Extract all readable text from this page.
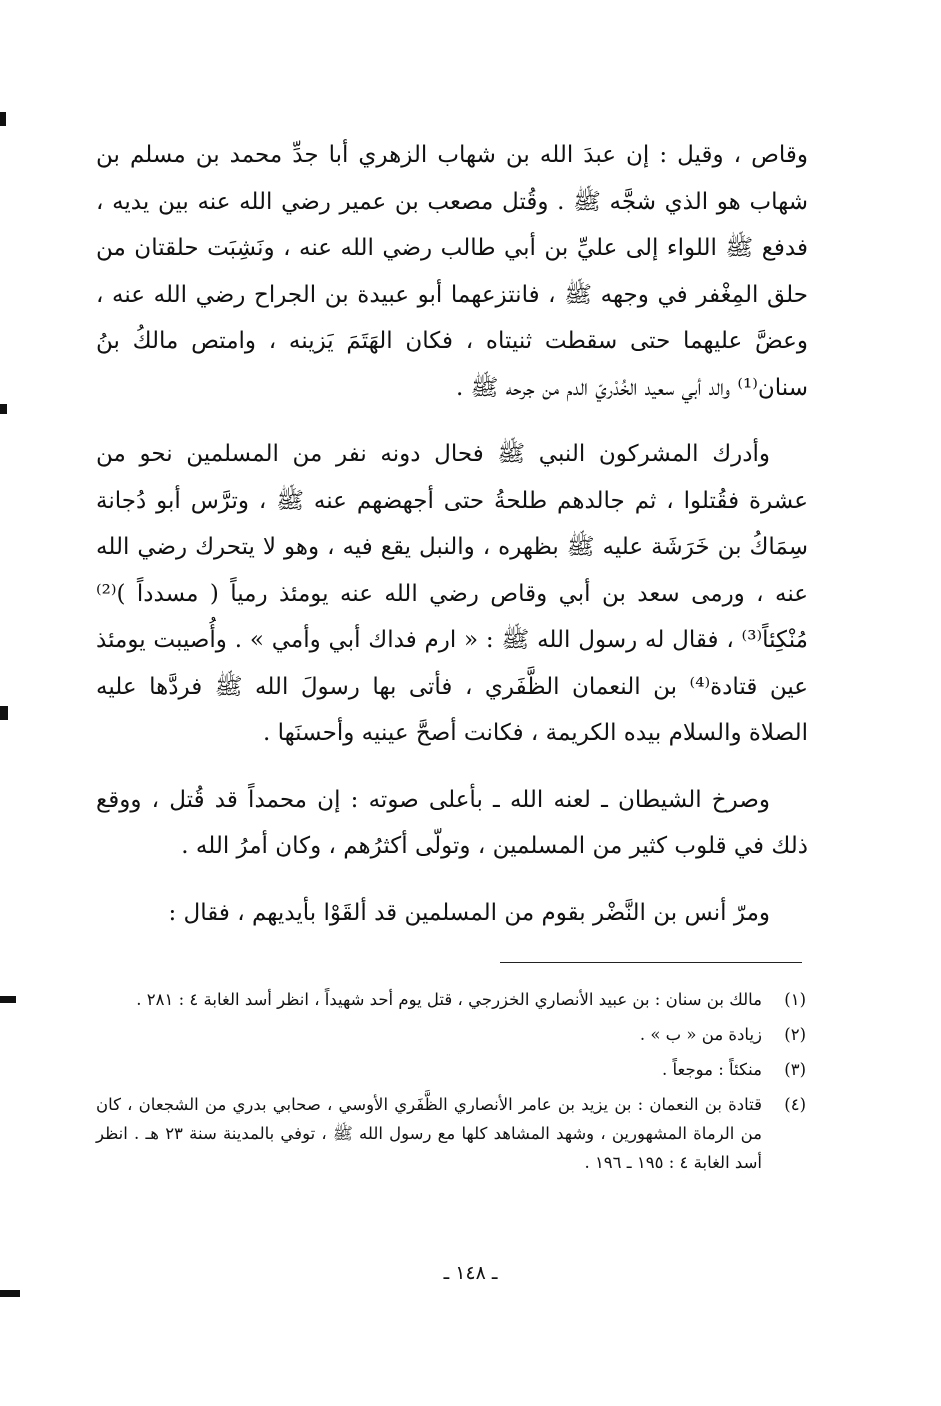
وقاص ، وقيل : إن عبدَ الله بن شهاب الزهري أبا جدِّ محمد بن مسلم بن شهاب هو الذي شجَّه ﷺ . وقُتل مصعب بن عمير رضي الله عنه بين يديه ، فدفع ﷺ اللواء إلى عليِّ بن أبي طالب رضي الله عنه ، ونَشِبَت حلقتان من حلق المِغْفر في وجهه ﷺ ، فانتزعهما أبو عبيدة بن الجراح رضي الله عنه ، وعضَّ عليهما حتى سقطت ثنيتاه ، فكان الهَتَمَ يَزينه ، وامتص مالكُ بنُ سنان⁽¹⁾ والد أبي سعيد الخُدْريّ الدم من جرحه ﷺ .

وأدرك المشركون النبي ﷺ فحال دونه نفر من المسلمين نحو من عشرة فقُتلوا ، ثم جالدهم طلحةُ حتى أجهضهم عنه ﷺ ، وترَّس أبو دُجانة سِمَاكُ بن خَرَشَة عليه ﷺ بظهره ، والنبل يقع فيه ، وهو لا يتحرك رضي الله عنه ، ورمى سعد بن أبي وقاص رضي الله عنه يومئذ رمياً ( مسدداً )⁽²⁾ مُنْكِئاً⁽³⁾ ، فقال له رسول الله ﷺ : « ارم فداك أبي وأمي » . وأُصيبت يومئذ عين قتادة⁽⁴⁾ بن النعمان الظَّفَري ، فأتى بها رسولَ الله ﷺ فردَّها عليه الصلاة والسلام بيده الكريمة ، فكانت أصحَّ عينيه وأحسنَها .

وصرخ الشيطان ـ لعنه الله ـ بأعلى صوته : إن محمداً قد قُتل ، ووقع ذلك في قلوب كثير من المسلمين ، وتولّى أكثرُهم ، وكان أمرُ الله .

ومرّ أنس بن النَّضْر بقوم من المسلمين قد ألقَوْا بأيديهم ، فقال :

(١)
مالك بن سنان : بن عبيد الأنصاري الخزرجي ، قتل يوم أحد شهيداً ، انظر أسد الغابة ٤ : ٢٨١ .
(٢)
زيادة من « ب » .
(٣)
منكئاً : موجعاً .
(٤)
قتادة بن النعمان : بن يزيد بن عامر الأنصاري الظَّفَري الأوسي ، صحابي بدري من الشجعان ، كان من الرماة المشهورين ، وشهد المشاهد كلها مع رسول الله ﷺ ، توفي بالمدينة سنة ٢٣ هـ . انظر أسد الغابة ٤ : ١٩٥ ـ ١٩٦ .
ـ ١٤٨ ـ
